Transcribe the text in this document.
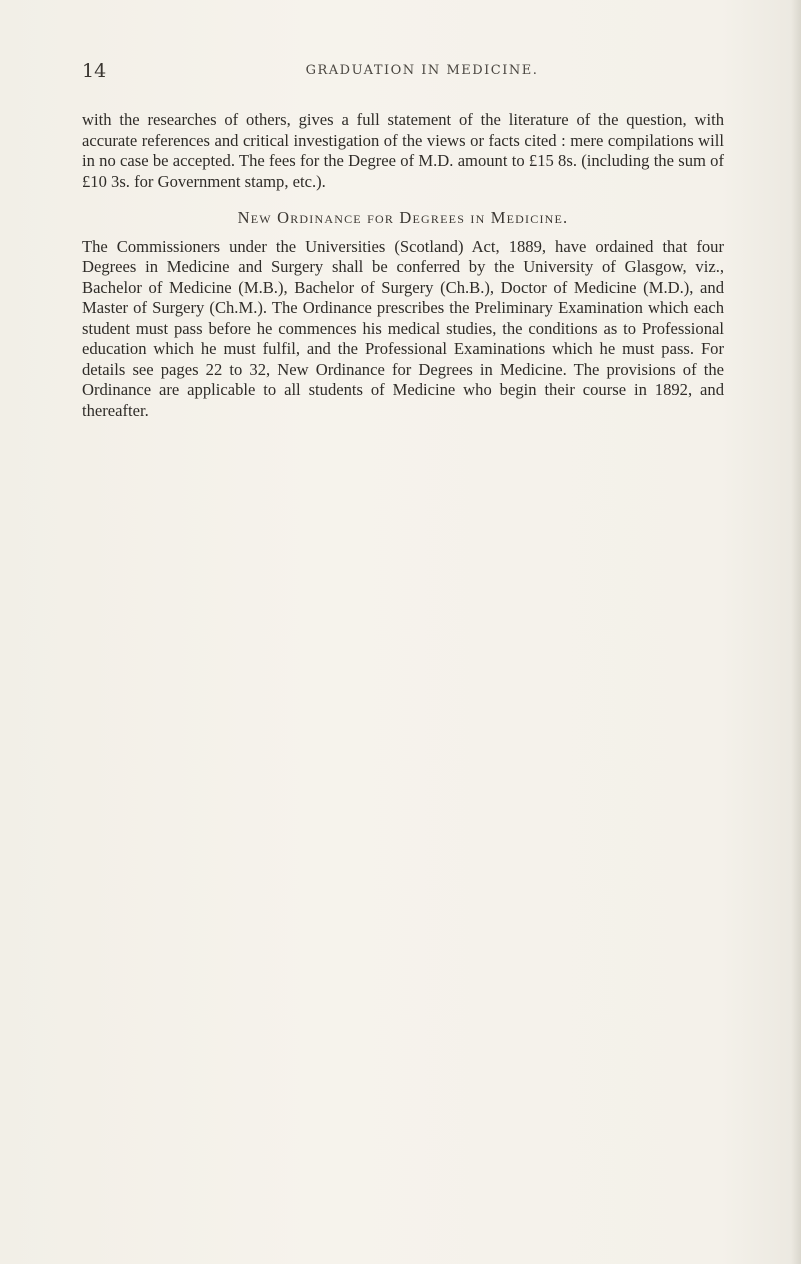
14	GRADUATION IN MEDICINE.

with the researches of others, gives a full statement of the literature of the question, with accurate references and critical investigation of the views or facts cited : mere compilations will in no case be accepted. The fees for the Degree of M.D. amount to £15 8s. (including the sum of £10 3s. for Government stamp, etc.).

New Ordinance for Degrees in Medicine.

The Commissioners under the Universities (Scotland) Act, 1889, have ordained that four Degrees in Medicine and Surgery shall be conferred by the University of Glasgow, viz., Bachelor of Medicine (M.B.), Bachelor of Surgery (Ch.B.), Doctor of Medicine (M.D.), and Master of Surgery (Ch.M.). The Ordinance prescribes the Preliminary Examination which each student must pass before he commences his medical studies, the conditions as to Professional education which he must fulfil, and the Professional Examinations which he must pass. For details see pages 22 to 32, New Ordinance for Degrees in Medicine. The provisions of the Ordinance are applicable to all students of Medicine who begin their course in 1892, and thereafter.
